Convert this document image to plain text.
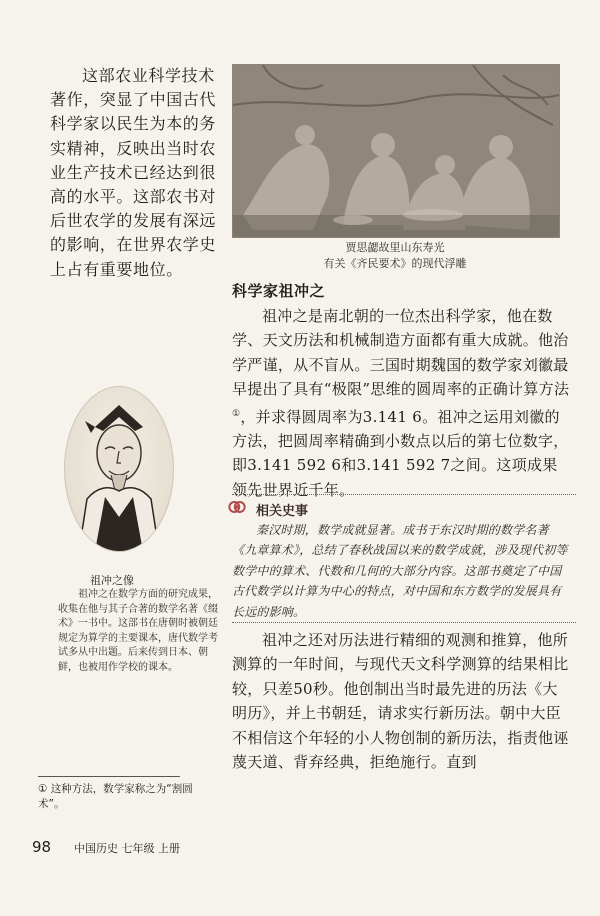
这部农业科学技术著作，突显了中国古代科学家以民生为本的务实精神，反映出当时农业生产技术已经达到很高的水平。这部农书对后世农学的发展有深远的影响，在世界农学史上占有重要地位。

贾思勰故里山东寿光
有关《齐民要术》的现代浮雕
科学家祖冲之

祖冲之是南北朝的一位杰出科学家，他在数学、天文历法和机械制造方面都有重大成就。他治学严谨，从不盲从。三国时期魏国的数学家刘徽最早提出了具有“极限”思维的圆周率的正确计算方法①，并求得圆周率为3.141 6。祖冲之运用刘徽的方法，把圆周率精确到小数点以后的第七位数字，即3.141 592 6和3.141 592 7之间。这项成果领先世界近千年。

相关史事

秦汉时期，数学成就显著。成书于东汉时期的数学名著《九章算术》，总结了春秋战国以来的数学成就，涉及现代初等数学中的算术、代数和几何的大部分内容。这部书奠定了中国古代数学以计算为中心的特点，对中国和东方数学的发展具有长远的影响。

祖冲之还对历法进行精细的观测和推算，他所测算的一年时间，与现代天文科学测算的结果相比较，只差50秒。他创制出当时最先进的历法《大明历》，并上书朝廷，请求实行新历法。朝中大臣不相信这个年轻的小人物创制的新历法，指责他诬蔑天道、背弃经典，拒绝施行。直到

祖冲之像

祖冲之在数学方面的研究成果，收集在他与其子合著的数学名著《缀术》一书中。这部书在唐朝时被朝廷规定为算学的主要课本，唐代数学考试多从中出题。后来传到日本、朝鲜，也被用作学校的课本。

① 这种方法，数学家称之为“割圆术”。
98 中国历史 七年级 上册
